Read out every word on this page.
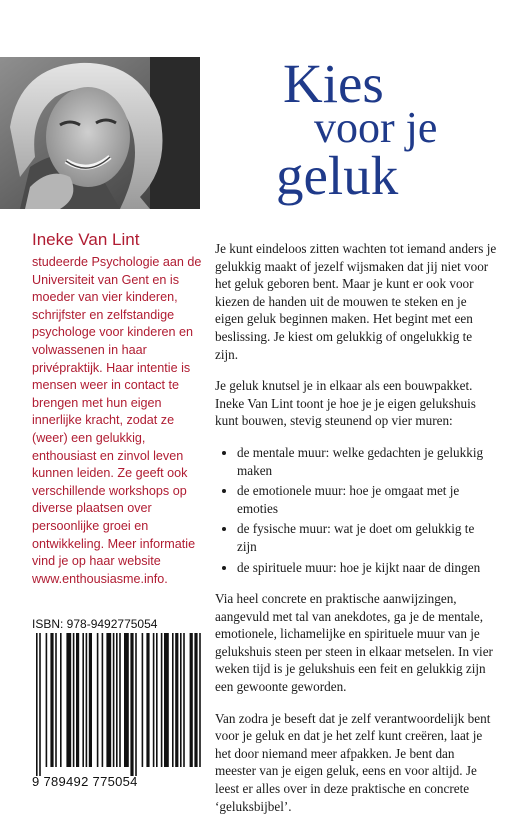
Kies
voor je
geluk
Ineke Van Lint

studeerde Psychologie aan de Universiteit van Gent en is moeder van vier kinderen, schrijfster en zelfstandige psychologe voor kinderen en volwassenen in haar privépraktijk. Haar intentie is mensen weer in contact te brengen met hun eigen innerlijke kracht, zodat ze (weer) een gelukkig, enthousiast en zinvol leven kunnen leiden. Ze geeft ook verschillende workshops op diverse plaatsen over persoonlijke groei en ontwikkeling. Meer informatie vind je op haar website www.enthousiasme.info.

ISBN: 978-9492775054
9 789492 775054

Je kunt eindeloos zitten wachten tot iemand anders je gelukkig maakt of jezelf wijsmaken dat jij niet voor het geluk geboren bent. Maar je kunt er ook voor kiezen de handen uit de mouwen te steken en je eigen geluk beginnen maken. Het begint met een beslissing. Je kiest om gelukkig of ongelukkig te zijn.

Je geluk knutsel je in elkaar als een bouwpakket. Ineke Van Lint toont je hoe je je eigen gelukshuis kunt bouwen, stevig steunend op vier muren:

• de mentale muur: welke gedachten je gelukkig maken
• de emotionele muur: hoe je omgaat met je emoties
• de fysische muur: wat je doet om gelukkig te zijn
• de spirituele muur: hoe je kijkt naar de dingen

Via heel concrete en praktische aanwijzingen, aangevuld met tal van anekdotes, ga je de mentale, emotionele, lichamelijke en spirituele muur van je gelukshuis steen per steen in elkaar metselen. In vier weken tijd is je gelukshuis een feit en gelukkig zijn een gewoonte geworden.

Van zodra je beseft dat je zelf verantwoordelijk bent voor je geluk en dat je het zelf kunt creëren, laat je het door niemand meer afpakken. Je bent dan meester van je eigen geluk, eens en voor altijd. Je leest er alles over in deze praktische en concrete ‘geluksbijbel’.
